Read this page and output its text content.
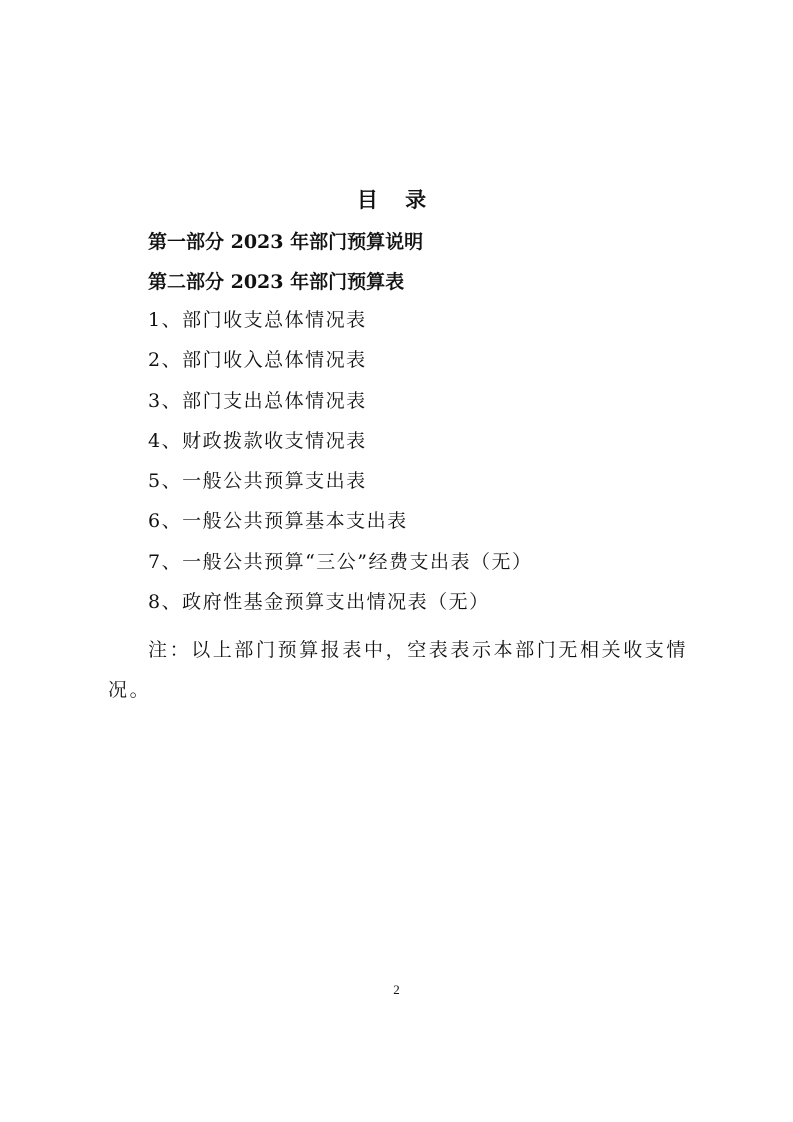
目 录

第一部分 2023 年部门预算说明

第二部分 2023 年部门预算表

1、部门收支总体情况表
2、部门收入总体情况表
3、部门支出总体情况表
4、财政拨款收支情况表
5、一般公共预算支出表
6、一般公共预算基本支出表
7、一般公共预算“三公”经费支出表（无）
8、政府性基金预算支出情况表（无）

注：以上部门预算报表中，空表表示本部门无相关收支情况。

2
